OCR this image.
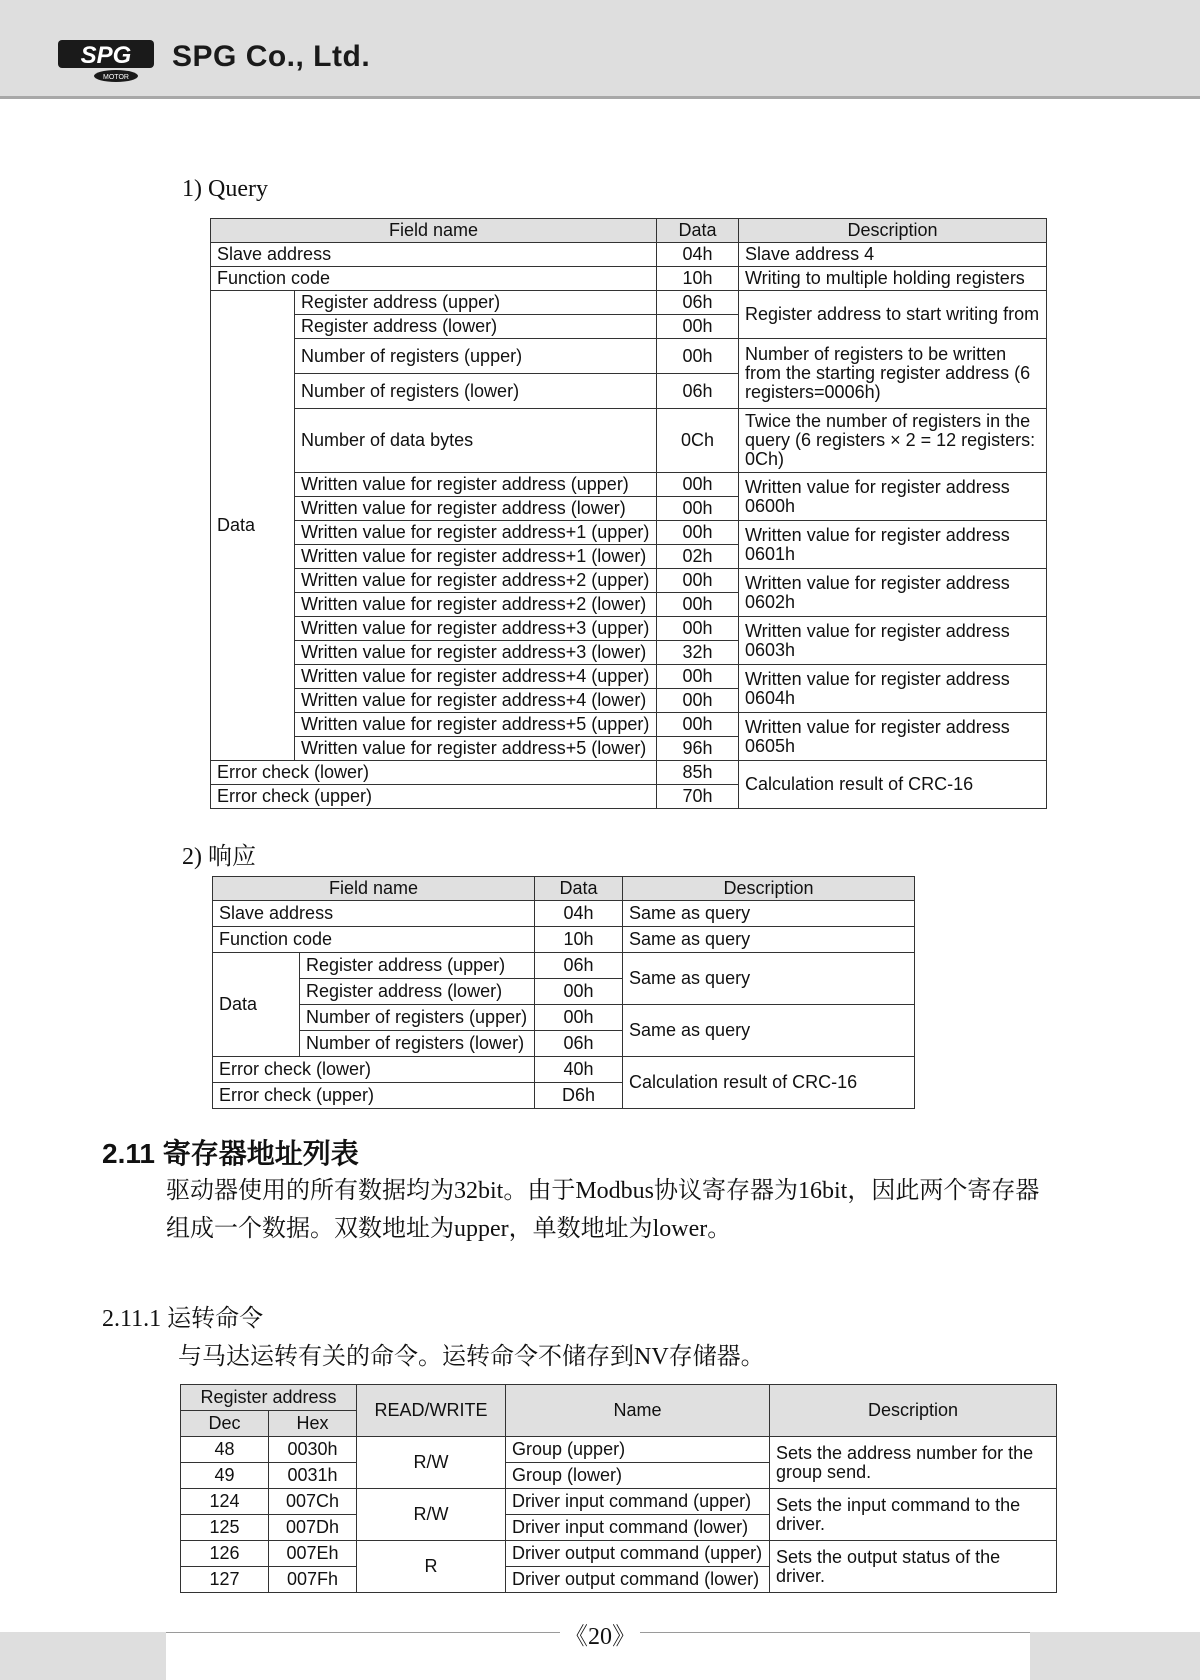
SPG
MOTOR
SPG Co., Ltd.
1) Query
Field name		Data	Description
Slave address		04h	Slave address 4
Function code		10h	Writing to multiple holding registers
Data	Register address (upper)	06h	Register address to start writing from
	Register address (lower)	00h	
	Number of registers (upper)	00h	Number of registers to be written from the starting register address (6 registers=0006h)
	Number of registers (lower)	06h	
	Number of data bytes	0Ch	Twice the number of registers in the query (6 registers × 2 = 12 registers: 0Ch)
	Written value for register address (upper)	00h	Written value for register address 0600h
	Written value for register address (lower)	00h	
	Written value for register address+1 (upper)	00h	Written value for register address 0601h
	Written value for register address+1 (lower)	02h	
	Written value for register address+2 (upper)	00h	Written value for register address 0602h
	Written value for register address+2 (lower)	00h	
	Written value for register address+3 (upper)	00h	Written value for register address 0603h
	Written value for register address+3 (lower)	32h	
	Written value for register address+4 (upper)	00h	Written value for register address 0604h
	Written value for register address+4 (lower)	00h	
	Written value for register address+5 (upper)	00h	Written value for register address 0605h
	Written value for register address+5 (lower)	96h	
Error check (lower)		85h	Calculation result of CRC-16
Error check (upper)		70h	
2) 响应
Field name		Data	Description
Slave address		04h	Same as query
Function code		10h	Same as query
Data	Register address (upper)	06h	Same as query
	Register address (lower)	00h	
	Number of registers (upper)	00h	Same as query
	Number of registers (lower)	06h	
Error check (lower)		40h	Calculation result of CRC-16
Error check (upper)		D6h	
2.11 寄存器地址列表
驱动器使用的所有数据均为32bit。由于Modbus协议寄存器为16bit，因此两个寄存器
组成一个数据。双数地址为upper，单数地址为lower。
2.11.1 运转命令
与马达运转有关的命令。运转命令不储存到NV存储器。
Register address		READ/WRITE	Name	Description
Dec	Hex			
48	0030h	R/W	Group (upper)	Sets the address number for the group send.
49	0031h		Group (lower)	
124	007Ch	R/W	Driver input command (upper)	Sets the input command to the driver.
125	007Dh		Driver input command (lower)	
126	007Eh	R	Driver output command (upper)	Sets the output status of the driver.
127	007Fh		Driver output command (lower)	
《20》
